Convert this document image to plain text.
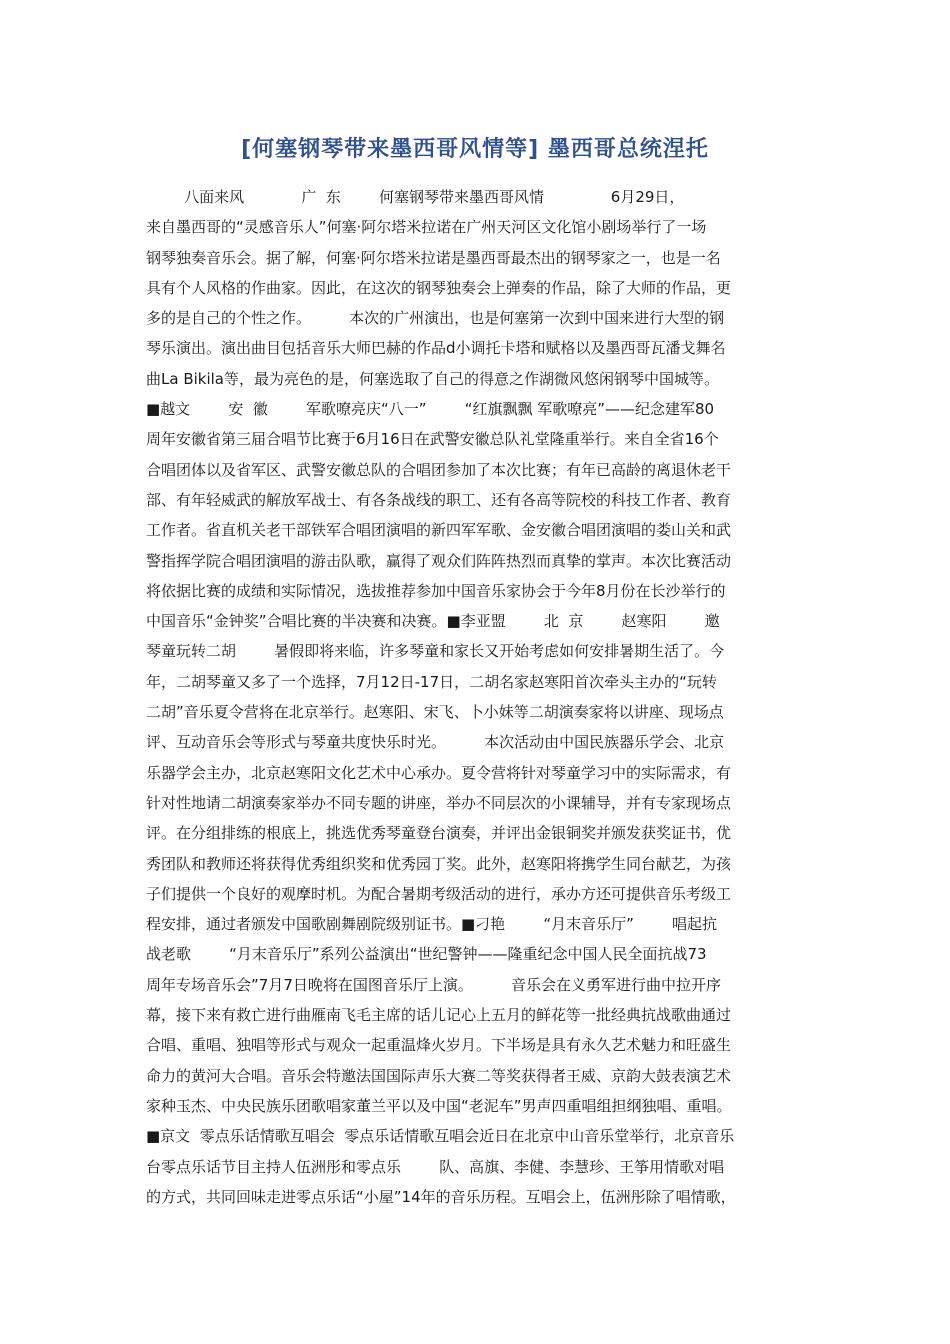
[何塞钢琴带来墨西哥风情等] 墨西哥总统涅托
八面来风            广  东        何塞钢琴带来墨西哥风情              6月29日，
来自墨西哥的“灵感音乐人”何塞·阿尔塔米拉诺在广州天河区文化馆小剧场举行了一场
钢琴独奏音乐会。据了解，何塞·阿尔塔米拉诺是墨西哥最杰出的钢琴家之一，也是一名
具有个人风格的作曲家。因此，在这次的钢琴独奏会上弹奏的作品，除了大师的作品，更
多的是自己的个性之作。        本次的广州演出，也是何塞第一次到中国来进行大型的钢
琴乐演出。演出曲目包括音乐大师巴赫的作品d小调托卡塔和赋格以及墨西哥瓦潘戈舞名
曲La Bikila等，最为亮色的是，何塞选取了自己的得意之作湖微风悠闲钢琴中国城等。
■越文        安  徽        军歌嘹亮庆“八一”        “红旗飘飘 军歌嘹亮”——纪念建军80
周年安徽省第三届合唱节比赛于6月16日在武警安徽总队礼堂隆重举行。来自全省16个
合唱团体以及省军区、武警安徽总队的合唱团参加了本次比赛；有年已高龄的离退休老干
部、有年轻威武的解放军战士、有各条战线的职工、还有各高等院校的科技工作者、教育
工作者。省直机关老干部铁军合唱团演唱的新四军军歌、金安徽合唱团演唱的娄山关和武
警指挥学院合唱团演唱的游击队歌，赢得了观众们阵阵热烈而真挚的掌声。本次比赛活动
将依据比赛的成绩和实际情况，选拔推荐参加中国音乐家协会于今年8月份在长沙举行的
中国音乐“金钟奖”合唱比赛的半决赛和决赛。■李亚盟        北  京        赵寒阳        邀
琴童玩转二胡        暑假即将来临，许多琴童和家长又开始考虑如何安排暑期生活了。今
年，二胡琴童又多了一个选择，7月12日-17日，二胡名家赵寒阳首次牵头主办的“玩转
二胡”音乐夏令营将在北京举行。赵寒阳、宋飞、卜小妹等二胡演奏家将以讲座、现场点
评、互动音乐会等形式与琴童共度快乐时光。        本次活动由中国民族器乐学会、北京
乐器学会主办，北京赵寒阳文化艺术中心承办。夏令营将针对琴童学习中的实际需求，有
针对性地请二胡演奏家举办不同专题的讲座，举办不同层次的小课辅导，并有专家现场点
评。在分组排练的根底上，挑选优秀琴童登台演奏，并评出金银铜奖并颁发获奖证书，优
秀团队和教师还将获得优秀组织奖和优秀园丁奖。此外，赵寒阳将携学生同台献艺，为孩
子们提供一个良好的观摩时机。为配合暑期考级活动的进行，承办方还可提供音乐考级工
程安排，通过者颁发中国歌剧舞剧院级别证书。■刁艳        “月末音乐厅”        唱起抗
战老歌        “月末音乐厅”系列公益演出“世纪警钟——隆重纪念中国人民全面抗战73
周年专场音乐会”7月7日晚将在国图音乐厅上演。        音乐会在义勇军进行曲中拉开序
幕，接下来有救亡进行曲雁南飞毛主席的话儿记心上五月的鲜花等一批经典抗战歌曲通过
合唱、重唱、独唱等形式与观众一起重温烽火岁月。下半场是具有永久艺术魅力和旺盛生
命力的黄河大合唱。音乐会特邀法国国际声乐大赛二等奖获得者王威、京韵大鼓表演艺术
家种玉杰、中央民族乐团歌唱家董兰平以及中国“老泥车”男声四重唱组担纲独唱、重唱。
■京文  零点乐话情歌互唱会  零点乐话情歌互唱会近日在北京中山音乐堂举行，北京音乐
台零点乐话节目主持人伍洲彤和零点乐        队、高旗、李健、李慧珍、王筝用情歌对唱
的方式，共同回味走进零点乐话“小屋”14年的音乐历程。互唱会上，伍洲彤除了唱情歌，
